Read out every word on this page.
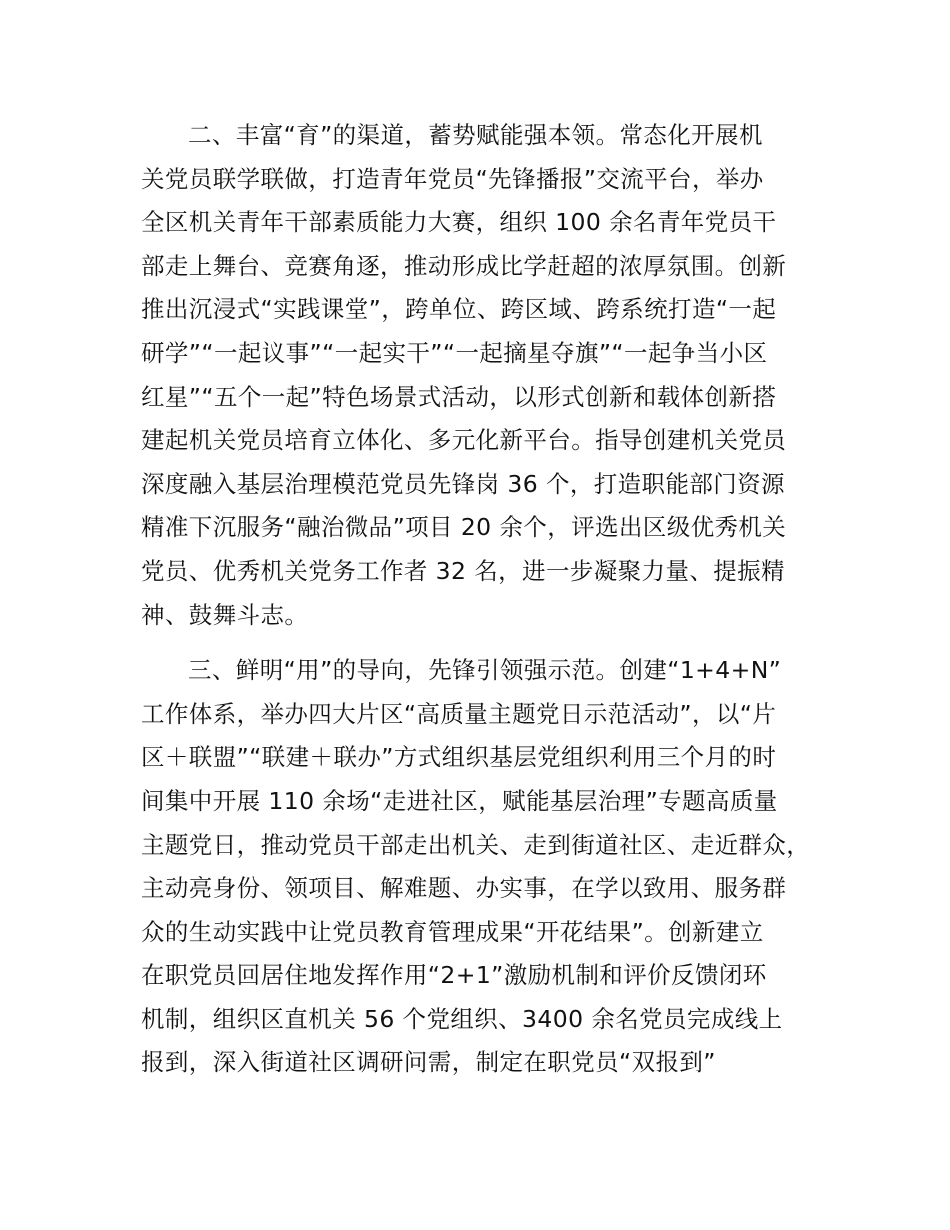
二、丰富“育”的渠道，蓄势赋能强本领。常态化开展机
关党员联学联做，打造青年党员“先锋播报”交流平台，举办
全区机关青年干部素质能力大赛，组织 100 余名青年党员干
部走上舞台、竞赛角逐，推动形成比学赶超的浓厚氛围。创新
推出沉浸式“实践课堂”，跨单位、跨区域、跨系统打造“一起
研学”“一起议事”“一起实干”“一起摘星夺旗”“一起争当小区
红星”“五个一起”特色场景式活动，以形式创新和载体创新搭
建起机关党员培育立体化、多元化新平台。指导创建机关党员
深度融入基层治理模范党员先锋岗 36 个，打造职能部门资源
精准下沉服务“融治微品”项目 20 余个，评选出区级优秀机关
党员、优秀机关党务工作者 32 名，进一步凝聚力量、提振精
神、鼓舞斗志。

三、鲜明“用”的导向，先锋引领强示范。创建“1+4+N”
工作体系，举办四大片区“高质量主题党日示范活动”，以“片
区＋联盟”“联建＋联办”方式组织基层党组织利用三个月的时
间集中开展 110 余场“走进社区，赋能基层治理”专题高质量
主题党日，推动党员干部走出机关、走到街道社区、走近群众，
主动亮身份、领项目、解难题、办实事，在学以致用、服务群
众的生动实践中让党员教育管理成果“开花结果”。创新建立
在职党员回居住地发挥作用“2+1”激励机制和评价反馈闭环
机制，组织区直机关 56 个党组织、3400 余名党员完成线上
报到，深入街道社区调研问需，制定在职党员“双报到”
